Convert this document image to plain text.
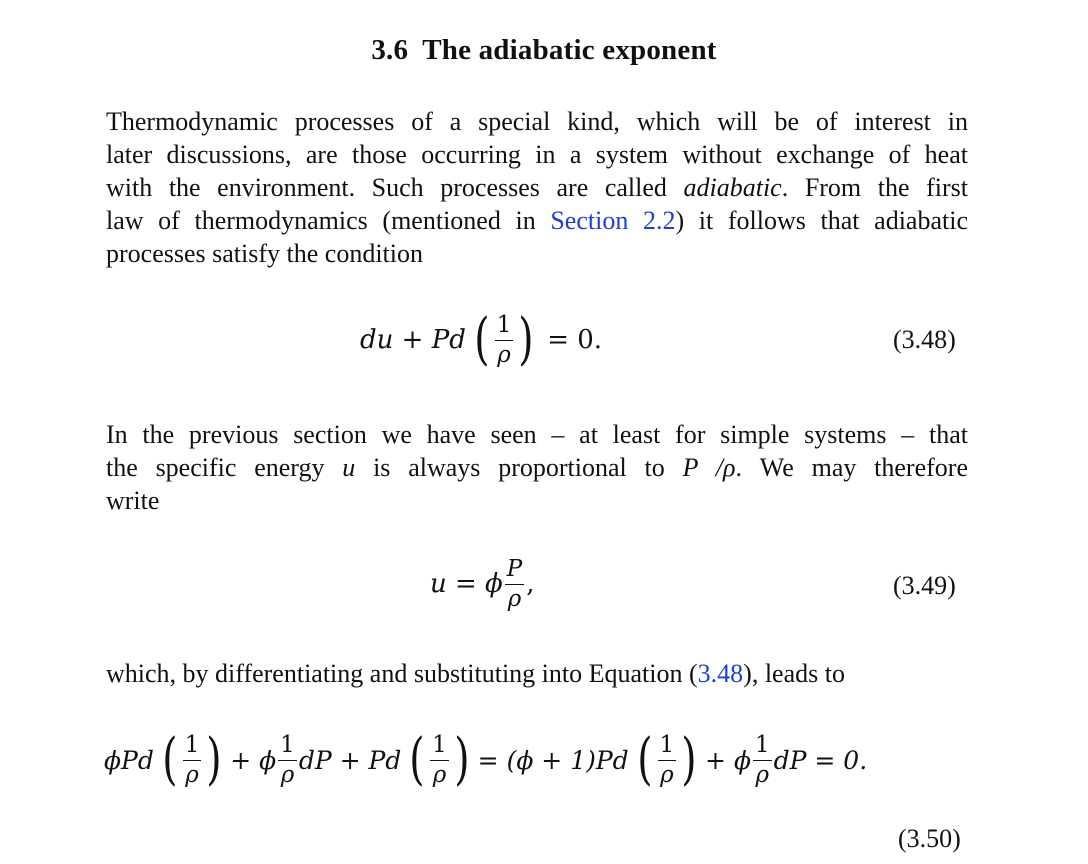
3.6 The adiabatic exponent
Thermodynamic processes of a special kind, which will be of interest in
later discussions, are those occurring in a system without exchange of heat
with the environment. Such processes are called adiabatic. From the first
law of thermodynamics (mentioned in Section 2.2) it follows that adiabatic
processes satisfy the condition
du + Pd ( $\frac{1}{\rho}$ ) = 0.	(3.48)
In the previous section we have seen – at least for simple systems – that
the specific energy u is always proportional to P /ρ. We may therefore
write
u = ϕ $\frac{P}{\rho}$ ,	(3.49)
which, by differentiating and substituting into Equation (3.48), leads to
ϕPd ( $\frac{1}{\rho}$ ) + ϕ $\frac{1}{\rho}$ dP + Pd ( $\frac{1}{\rho}$ ) = (ϕ + 1)Pd ( $\frac{1}{\rho}$ ) + ϕ $\frac{1}{\rho}$ dP = 0.
(3.50)
